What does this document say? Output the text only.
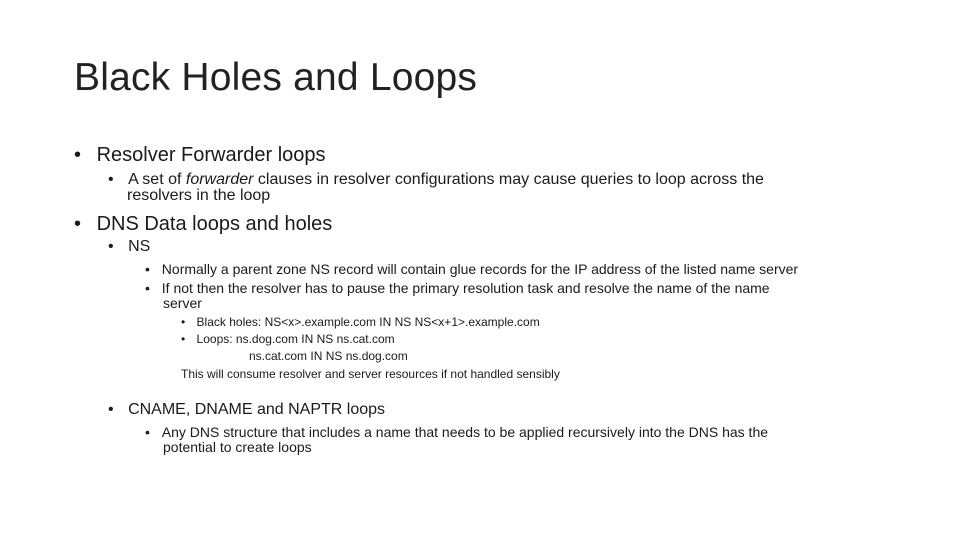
Black Holes and Loops
• Resolver Forwarder loops
• A set of forwarder clauses in resolver configurations may cause queries to loop across the
resolvers in the loop
• DNS Data loops and holes
• NS
• Normally a parent zone NS record will contain glue records for the IP address of the listed name server
• If not then the resolver has to pause the primary resolution task and resolve the name of the name
server
• Black holes: NS<x>.example.com IN NS NS<x+1>.example.com
• Loops: ns.dog.com IN NS ns.cat.com
ns.cat.com IN NS ns.dog.com
This will consume resolver and server resources if not handled sensibly
• CNAME, DNAME and NAPTR loops
• Any DNS structure that includes a name that needs to be applied recursively into the DNS has the
potential to create loops
